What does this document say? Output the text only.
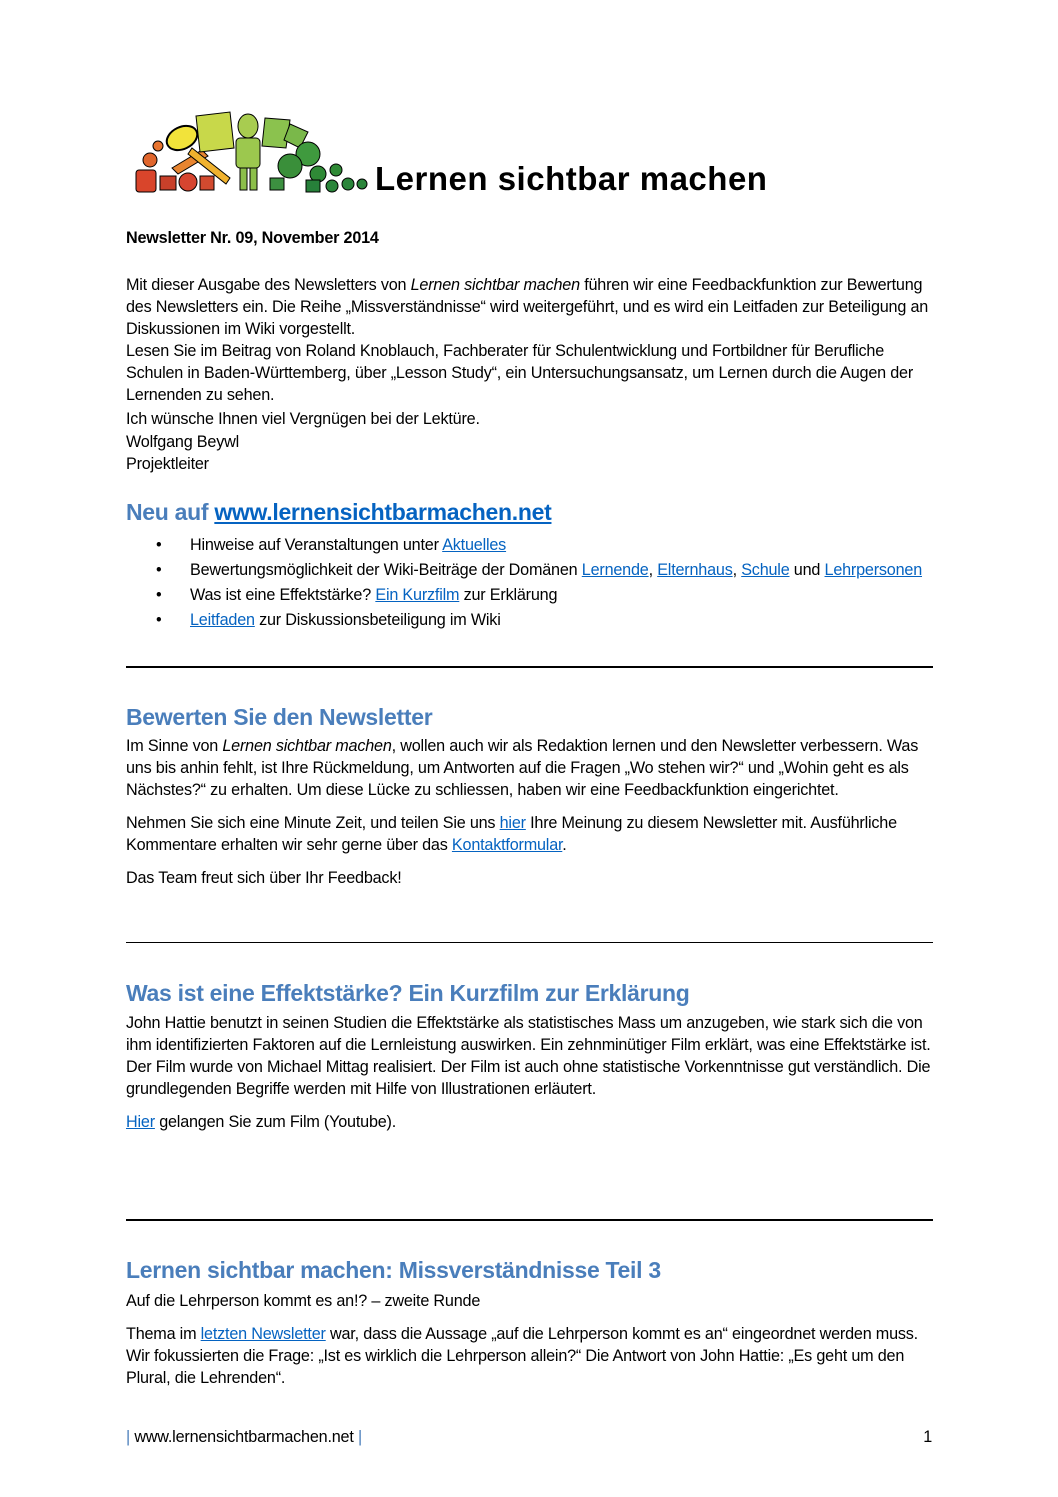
Lernen sichtbar machen
Newsletter Nr. 09, November 2014

Mit dieser Ausgabe des Newsletters von Lernen sichtbar machen führen wir eine Feedbackfunktion zur Bewertung des Newsletters ein. Die Reihe „Missverständnisse“ wird weitergeführt, und es wird ein Leitfaden zur Beteiligung an Diskussionen im Wiki vorgestellt.

Lesen Sie im Beitrag von Roland Knoblauch, Fachberater für Schulentwicklung und Fortbildner für Berufliche Schulen in Baden-Württemberg, über „Lesson Study“, ein Untersuchungsansatz, um Lernen durch die Augen der Lernenden zu sehen.

Ich wünsche Ihnen viel Vergnügen bei der Lektüre.

Wolfgang Beywl

Projektleiter

Neu auf www.lernensichtbarmachen.net
• Hinweise auf Veranstaltungen unter Aktuelles
• Bewertungsmöglichkeit der Wiki-Beiträge der Domänen Lernende, Elternhaus, Schule und Lehrpersonen
• Was ist eine Effektstärke? Ein Kurzfilm zur Erklärung
• Leitfaden zur Diskussionsbeteiligung im Wiki
Bewerten Sie den Newsletter

Im Sinne von Lernen sichtbar machen, wollen auch wir als Redaktion lernen und den Newsletter verbessern. Was uns bis anhin fehlt, ist Ihre Rückmeldung, um Antworten auf die Fragen „Wo stehen wir?“ und „Wohin geht es als Nächstes?“ zu erhalten. Um diese Lücke zu schliessen, haben wir eine Feedbackfunktion eingerichtet.

Nehmen Sie sich eine Minute Zeit, und teilen Sie uns hier Ihre Meinung zu diesem Newsletter mit. Ausführliche Kommentare erhalten wir sehr gerne über das Kontaktformular.

Das Team freut sich über Ihr Feedback!

Was ist eine Effektstärke? Ein Kurzfilm zur Erklärung

John Hattie benutzt in seinen Studien die Effektstärke als statistisches Mass um anzugeben, wie stark sich die von ihm identifizierten Faktoren auf die Lernleistung auswirken. Ein zehnminütiger Film erklärt, was eine Effektstärke ist. Der Film wurde von Michael Mittag realisiert. Der Film ist auch ohne statistische Vorkenntnisse gut verständlich. Die grundlegenden Begriffe werden mit Hilfe von Illustrationen erläutert.

Hier gelangen Sie zum Film (Youtube).

Lernen sichtbar machen: Missverständnisse Teil 3

Auf die Lehrperson kommt es an!? – zweite Runde

Thema im letzten Newsletter war, dass die Aussage „auf die Lehrperson kommt es an“ eingeordnet werden muss. Wir fokussierten die Frage: „Ist es wirklich die Lehrperson allein?“ Die Antwort von John Hattie: „Es geht um den Plural, die Lehrenden“.

| www.lernensichtbarmachen.net |	1
